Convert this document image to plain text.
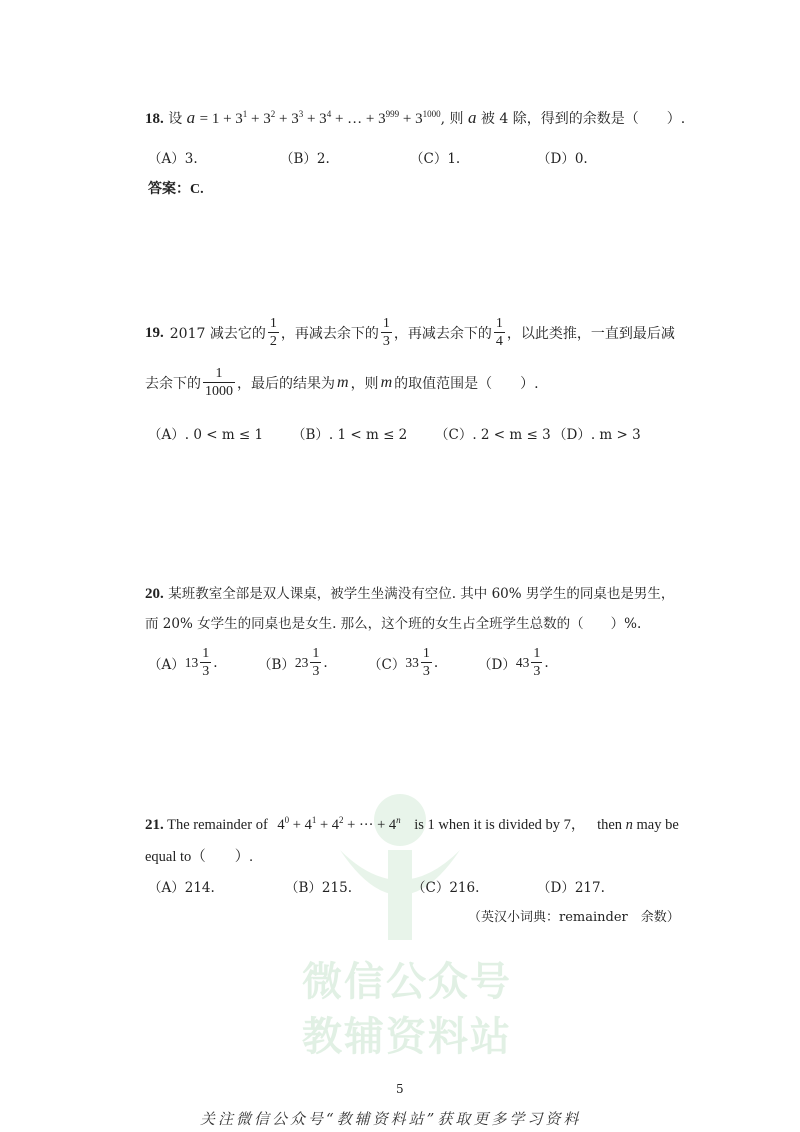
微信公众号
教辅资料站
18. 设 $a = 1 + 3^1 + 3^2 + 3^3 + 3^4$ + … + $3^{999} + 3^{1000}$, 则 a 被 4 除，得到的余数是（　　）.
（A）3.	（B）2.	（C）1.	（D）0.
答案：C.
19. 2017 减去它的 $\frac{1}{2}$ ，再减去余下的 $\frac{1}{3}$ ，再减去余下的 $\frac{1}{4}$ ，以此类推，一直到最后减
去余下的 $\frac{1}{1000}$ ，最后的结果为 m ，则 m 的取值范围是（　　）.
（A）. 0 < m ≤ 1 （B）. 1 < m ≤ 2 （C）. 2 < m ≤ 3 （D）. m > 3
20. 某班教室全部是双人课桌，被学生坐满没有空位. 其中 60% 男学生的同桌也是男生，
而 20% 女学生的同桌也是女生. 那么，这个班的女生占全班学生总数的（　　）%.
（A） $13 \frac{1}{3}$ .	（B） $23 \frac{1}{3}$ .	（C） $33 \frac{1}{3}$ .	（D） $43 \frac{1}{3}$ .
21. The remainder of $4^0 + 4^1 + 4^2$ + ··· + $4^n$ is 1 when it is divided by 7， then n may be
equal to（　　）.
（A）214.	（B）215.	（C）216.	（D）217.
（英汉小词典：remainder　余数）
5
关注微信公众号“教辅资料站”获取更多学习资料
